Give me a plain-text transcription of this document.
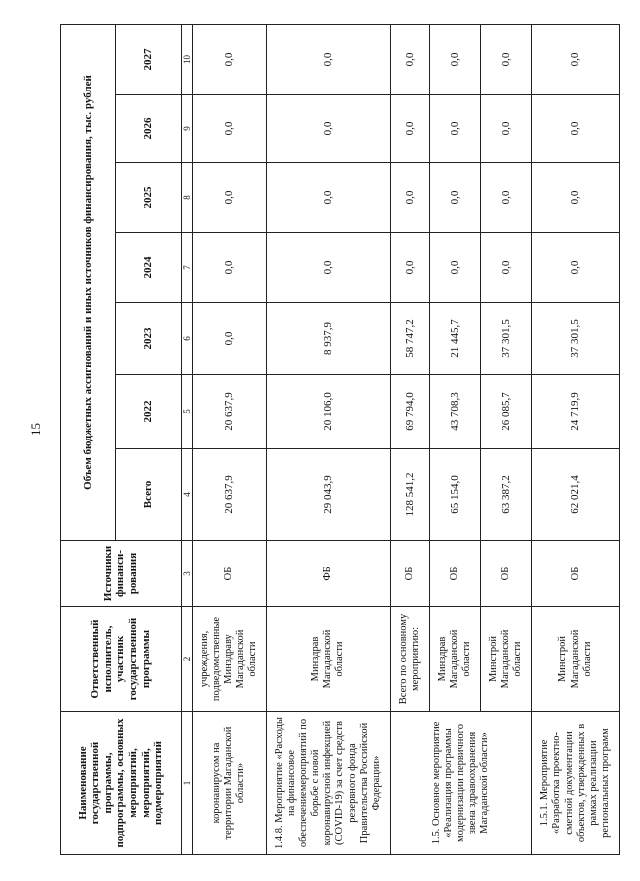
15
Наименование государственной программы, подпрограммы, основных мероприятий, мероприятий, подмероприятий	Ответственный исполнитель, участник государственной программы	Источники финанси-рования	Объем бюджетных ассигнований и иных источников финансирования, тыс. рублей						
			Всего	2022	2023	2024	2025	2026	2027
1	2	3	4	5	6	7	8	9	10
коронавирусом на территории Магаданской области»	учреждения, подведомственные Минздраву Магаданской области	ОБ	20 637,9	20 637,9	0,0	0,0	0,0	0,0	0,0
1.4.8. Мероприятие «Расходы на финансовое обеспечениемероприятий по борьбе с новой коронавирусной инфекцией (COVID-19) за счет средств резервного фонда Правительства Российской Федерации»	Минздрав Магаданской области	ФБ	29 043,9	20 106,0	8 937,9	0,0	0,0	0,0	0,0
1.5. Основное мероприятие «Реализация программы модернизации первичного звена здравоохранения Магаданской области»	Всего по основному мероприятию:	ОБ	128 541,2	69 794,0	58 747,2	0,0	0,0	0,0	0,0
	Минздрав Магаданской области	ОБ	65 154,0	43 708,3	21 445,7	0,0	0,0	0,0	0,0
	Минстрой Магаданской области	ОБ	63 387,2	26 085,7	37 301,5	0,0	0,0	0,0	0,0
1.5.1. Мероприятие «Разработка проектно-сметной документации объектов, утвержденных в рамках реализации региональных программ	Минстрой Магаданской области	ОБ	62 021,4	24 719,9	37 301,5	0,0	0,0	0,0	0,0
